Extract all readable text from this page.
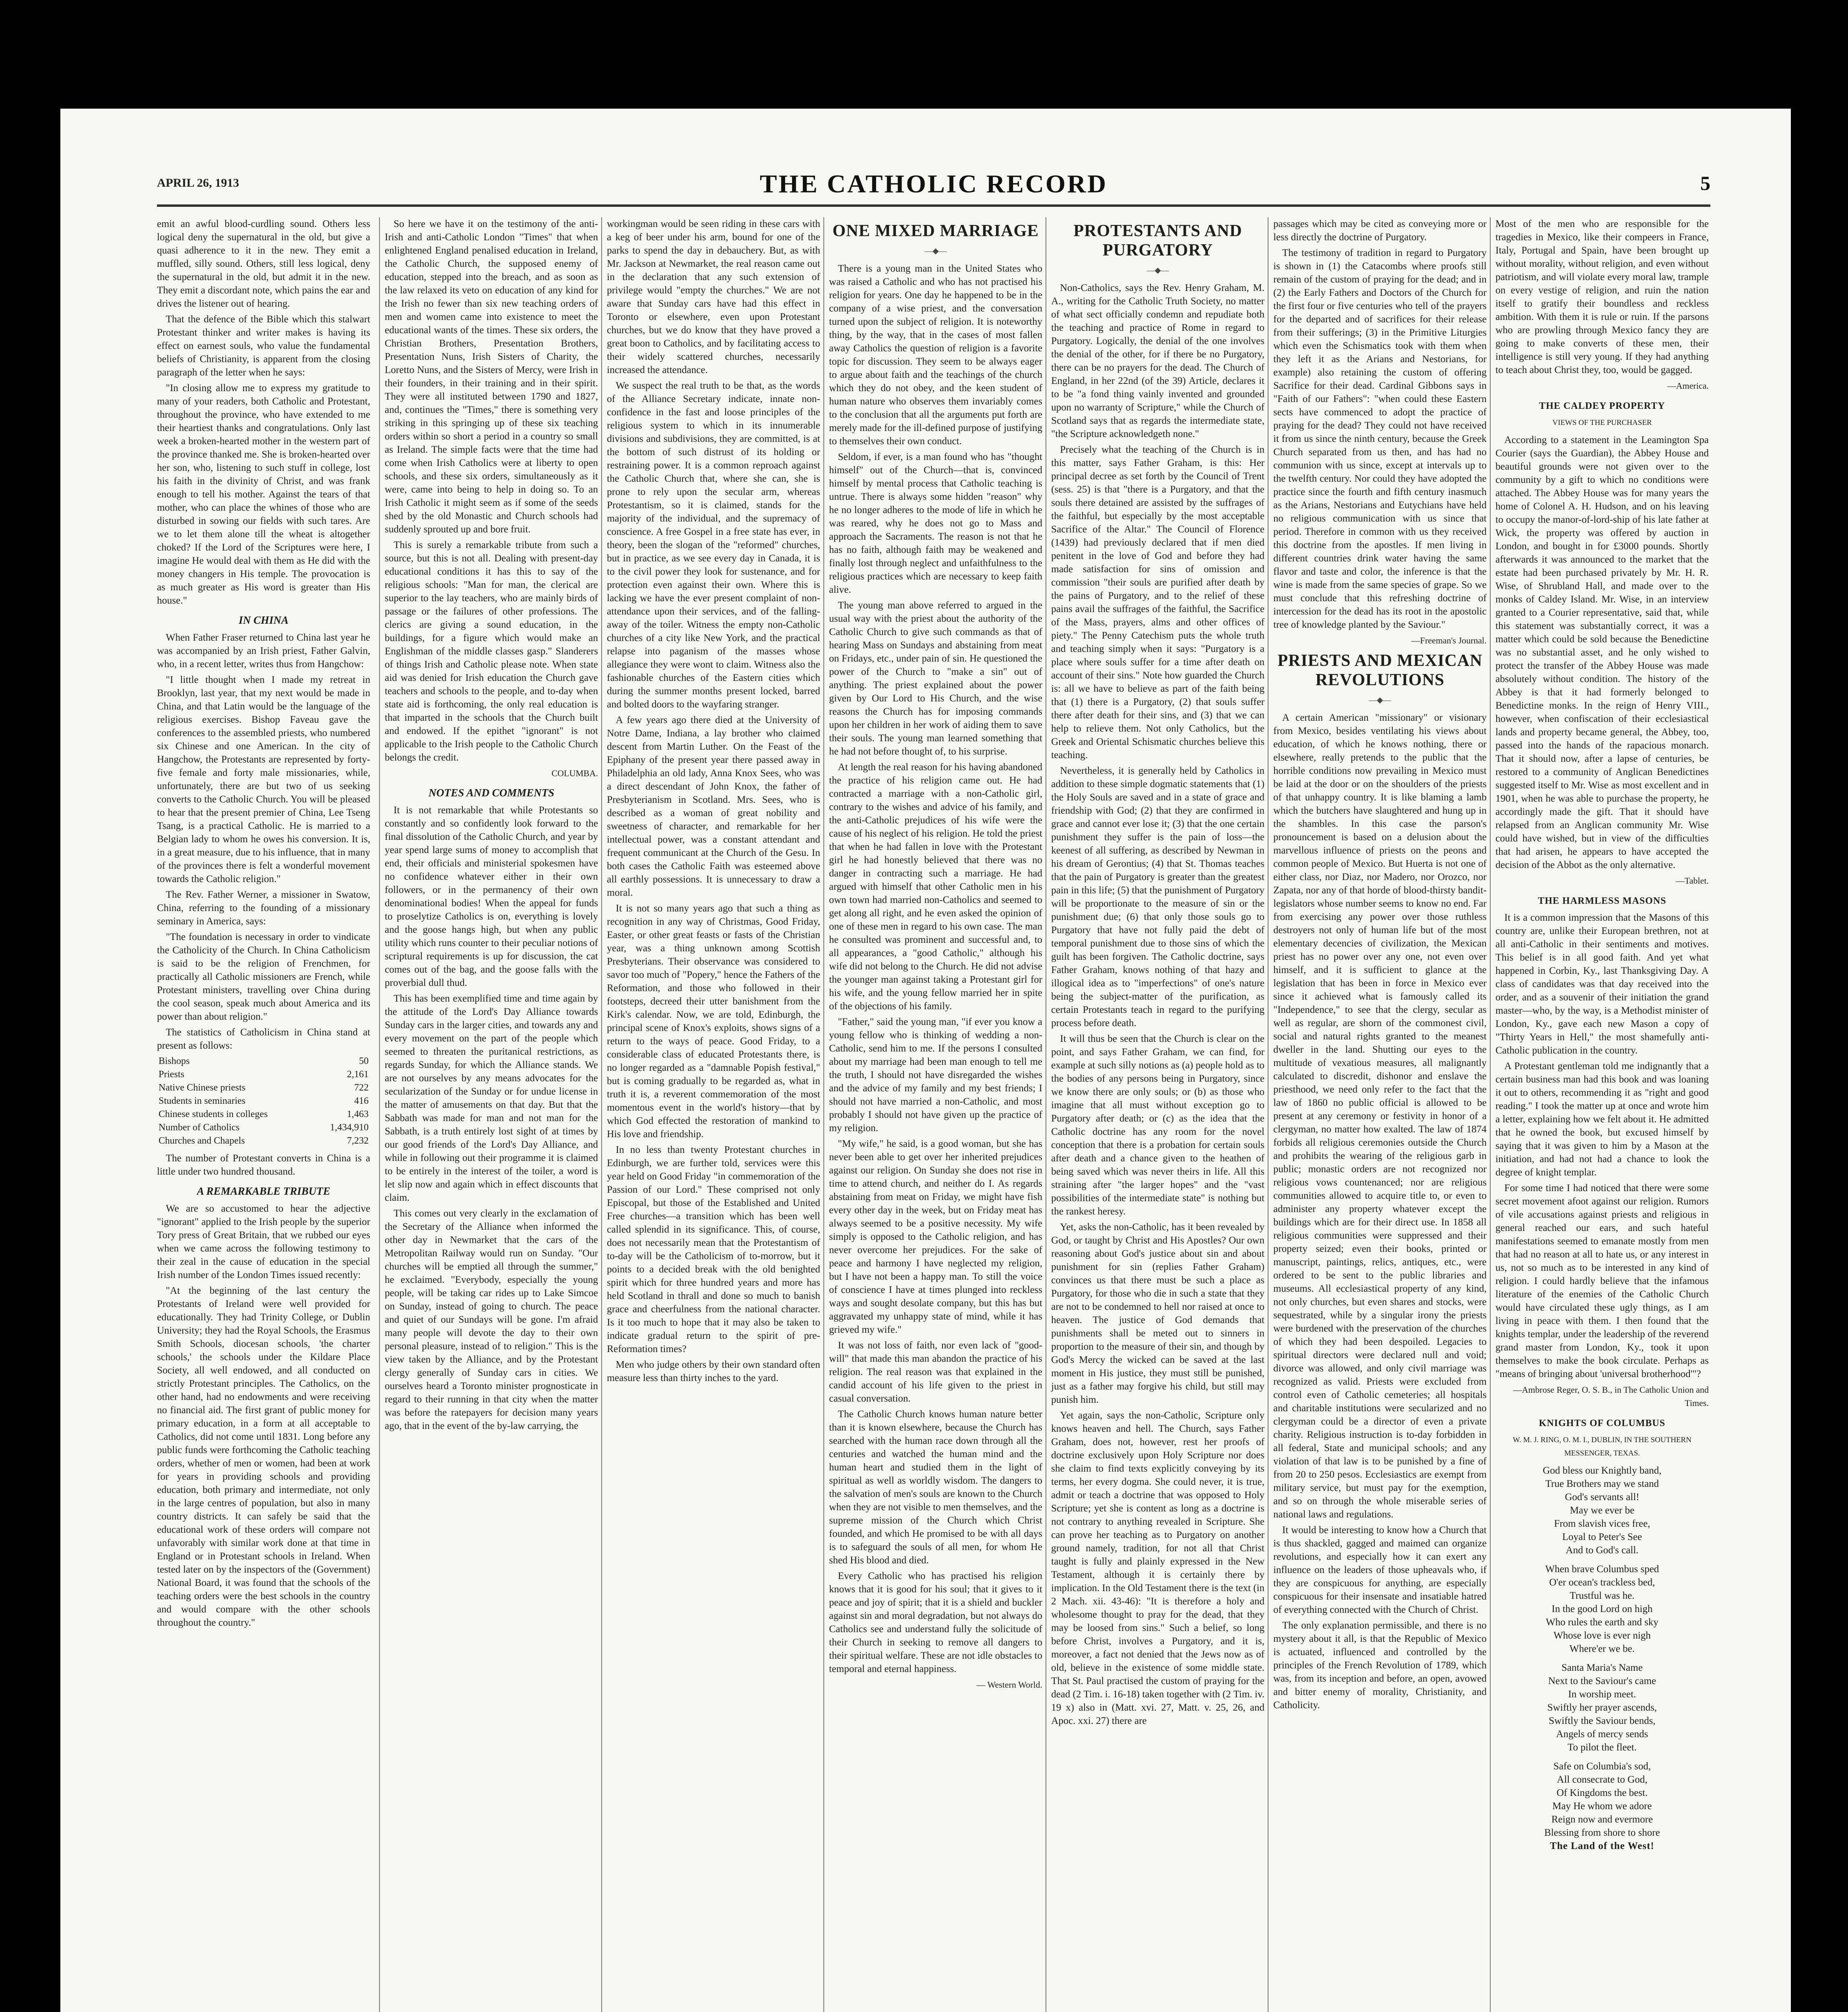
APRIL 26, 1913	THE CATHOLIC RECORD	5

emit an awful blood-curdling sound. Others less logical deny the supernatural in the old, but give a quasi adherence to it in the new. They emit a muffled, silly sound. Others, still less logical, deny the supernatural in the old, but admit it in the new. They emit a discordant note, which pains the ear and drives the listener out of hearing.

That the defence of the Bible which this stalwart Protestant thinker and writer makes is having its effect on earnest souls, who value the fundamental beliefs of Christianity, is apparent from the closing paragraph of the letter when he says:

"In closing allow me to express my gratitude to many of your readers, both Catholic and Protestant, throughout the province, who have extended to me their heartiest thanks and congratulations. Only last week a broken-hearted mother in the western part of the province thanked me. She is broken-hearted over her son, who, listening to such stuff in college, lost his faith in the divinity of Christ, and was frank enough to tell his mother. Against the tears of that mother, who can place the whines of those who are disturbed in sowing our fields with such tares. Are we to let them alone till the wheat is altogether choked? If the Lord of the Scriptures were here, I imagine He would deal with them as He did with the money changers in His temple. The provocation is as much greater as His word is greater than His house."

IN CHINA

When Father Fraser returned to China last year he was accompanied by an Irish priest, Father Galvin, who, in a recent letter, writes thus from Hangchow:

"I little thought when I made my retreat in Brooklyn, last year, that my next would be made in China, and that Latin would be the language of the religious exercises. Bishop Faveau gave the conferences to the assembled priests, who numbered six Chinese and one American. In the city of Hangchow, the Protestants are represented by forty-five female and forty male missionaries, while, unfortunately, there are but two of us seeking converts to the Catholic Church. You will be pleased to hear that the present premier of China, Lee Tseng Tsang, is a practical Catholic. He is married to a Belgian lady to whom he owes his conversion. It is, in a great measure, due to his influence, that in many of the provinces there is felt a wonderful movement towards the Catholic religion."

The Rev. Father Werner, a missioner in Swatow, China, referring to the founding of a missionary seminary in America, says:

"The foundation is necessary in order to vindicate the Catholicity of the Church. In China Catholicism is said to be the religion of Frenchmen, for practically all Catholic missioners are French, while Protestant ministers, travelling over China during the cool season, speak much about America and its power than about religion."

The statistics of Catholicism in China stand at present as follows:

Bishops	50
Priests	2,161
Native Chinese priests	722
Students in seminaries	416
Chinese students in colleges	1,463
Number of Catholics	1,434,910
Churches and Chapels	7,232

The number of Protestant converts in China is a little under two hundred thousand.

A REMARKABLE TRIBUTE

We are so accustomed to hear the adjective "ignorant" applied to the Irish people by the superior Tory press of Great Britain, that we rubbed our eyes when we came across the following testimony to their zeal in the cause of education in the special Irish number of the London Times issued recently:

"At the beginning of the last century the Protestants of Ireland were well provided for educationally. They had Trinity College, or Dublin University; they had the Royal Schools, the Erasmus Smith Schools, diocesan schools, 'the charter schools,' the schools under the Kildare Place Society, all well endowed, and all conducted on strictly Protestant principles. The Catholics, on the other hand, had no endowments and were receiving no financial aid. The first grant of public money for primary education, in a form at all acceptable to Catholics, did not come until 1831. Long before any public funds were forthcoming the Catholic teaching orders, whether of men or women, had been at work for years in providing schools and providing education, both primary and intermediate, not only in the large centres of population, but also in many country districts. It can safely be said that the educational work of these orders will compare not unfavorably with similar work done at that time in England or in Protestant schools in Ireland. When tested later on by the inspectors of the (Government) National Board, it was found that the schools of the teaching orders were the best schools in the country and would compare with the other schools throughout the country."

So here we have it on the testimony of the anti-Irish and anti-Catholic London "Times" that when enlightened England penalised education in Ireland, the Catholic Church, the supposed enemy of education, stepped into the breach, and as soon as the law relaxed its veto on education of any kind for the Irish no fewer than six new teaching orders of men and women came into existence to meet the educational wants of the times. These six orders, the Christian Brothers, Presentation Brothers, Presentation Nuns, Irish Sisters of Charity, the Loretto Nuns, and the Sisters of Mercy, were Irish in their founders, in their training and in their spirit. They were all instituted between 1790 and 1827, and, continues the "Times," there is something very striking in this springing up of these six teaching orders within so short a period in a country so small as Ireland. The simple facts were that the time had come when Irish Catholics were at liberty to open schools, and these six orders, simultaneously as it were, came into being to help in doing so. To an Irish Catholic it might seem as if some of the seeds shed by the old Monastic and Church schools had suddenly sprouted up and bore fruit.

This is surely a remarkable tribute from such a source, but this is not all. Dealing with present-day educational conditions it has this to say of the religious schools: "Man for man, the clerical are superior to the lay teachers, who are mainly birds of passage or the failures of other professions. The clerics are giving a sound education, in the buildings, for a figure which would make an Englishman of the middle classes gasp." Slanderers of things Irish and Catholic please note. When state aid was denied for Irish education the Church gave teachers and schools to the people, and to-day when state aid is forthcoming, the only real education is that imparted in the schools that the Church built and endowed. If the epithet "ignorant" is not applicable to the Irish people to the Catholic Church belongs the credit.

COLUMBA.
NOTES AND COMMENTS

It is not remarkable that while Protestants so constantly and so confidently look forward to the final dissolution of the Catholic Church, and year by year spend large sums of money to accomplish that end, their officials and ministerial spokesmen have no confidence whatever either in their own followers, or in the permanency of their own denominational bodies! When the appeal for funds to proselytize Catholics is on, everything is lovely and the goose hangs high, but when any public utility which runs counter to their peculiar notions of scriptural requirements is up for discussion, the cat comes out of the bag, and the goose falls with the proverbial dull thud.

This has been exemplified time and time again by the attitude of the Lord's Day Alliance towards Sunday cars in the larger cities, and towards any and every movement on the part of the people which seemed to threaten the puritanical restrictions, as regards Sunday, for which the Alliance stands. We are not ourselves by any means advocates for the secularization of the Sunday or for undue license in the matter of amusements on that day. But that the Sabbath was made for man and not man for the Sabbath, is a truth entirely lost sight of at times by our good friends of the Lord's Day Alliance, and while in following out their programme it is claimed to be entirely in the interest of the toiler, a word is let slip now and again which in effect discounts that claim.

This comes out very clearly in the exclamation of the Secretary of the Alliance when informed the other day in Newmarket that the cars of the Metropolitan Railway would run on Sunday. "Our churches will be emptied all through the summer," he exclaimed. "Everybody, especially the young people, will be taking car rides up to Lake Simcoe on Sunday, instead of going to church. The peace and quiet of our Sundays will be gone. I'm afraid many people will devote the day to their own personal pleasure, instead of to religion." This is the view taken by the Alliance, and by the Protestant clergy generally of Sunday cars in cities. We ourselves heard a Toronto minister prognosticate in regard to their running in that city when the matter was before the ratepayers for decision many years ago, that in the event of the by-law carrying, the

workingman would be seen riding in these cars with a keg of beer under his arm, bound for one of the parks to spend the day in debauchery. But, as with Mr. Jackson at Newmarket, the real reason came out in the declaration that any such extension of privilege would "empty the churches." We are not aware that Sunday cars have had this effect in Toronto or elsewhere, even upon Protestant churches, but we do know that they have proved a great boon to Catholics, and by facilitating access to their widely scattered churches, necessarily increased the attendance.

We suspect the real truth to be that, as the words of the Alliance Secretary indicate, innate non-confidence in the fast and loose principles of the religious system to which in its innumerable divisions and subdivisions, they are committed, is at the bottom of such distrust of its holding or restraining power. It is a common reproach against the Catholic Church that, where she can, she is prone to rely upon the secular arm, whereas Protestantism, so it is claimed, stands for the majority of the individual, and the supremacy of conscience. A free Gospel in a free state has ever, in theory, been the slogan of the "reformed" churches, but in practice, as we see every day in Canada, it is to the civil power they look for sustenance, and for protection even against their own. Where this is lacking we have the ever present complaint of non-attendance upon their services, and of the falling-away of the toiler. Witness the empty non-Catholic churches of a city like New York, and the practical relapse into paganism of the masses whose allegiance they were wont to claim. Witness also the fashionable churches of the Eastern cities which during the summer months present locked, barred and bolted doors to the wayfaring stranger.

A few years ago there died at the University of Notre Dame, Indiana, a lay brother who claimed descent from Martin Luther. On the Feast of the Epiphany of the present year there passed away in Philadelphia an old lady, Anna Knox Sees, who was a direct descendant of John Knox, the father of Presbyterianism in Scotland. Mrs. Sees, who is described as a woman of great nobility and sweetness of character, and remarkable for her intellectual power, was a constant attendant and frequent communicant at the Church of the Gesu. In both cases the Catholic Faith was esteemed above all earthly possessions. It is unnecessary to draw a moral.

It is not so many years ago that such a thing as recognition in any way of Christmas, Good Friday, Easter, or other great feasts or fasts of the Christian year, was a thing unknown among Scottish Presbyterians. Their observance was considered to savor too much of "Popery," hence the Fathers of the Reformation, and those who followed in their footsteps, decreed their utter banishment from the Kirk's calendar. Now, we are told, Edinburgh, the principal scene of Knox's exploits, shows signs of a return to the ways of peace. Good Friday, to a considerable class of educated Protestants there, is no longer regarded as a "damnable Popish festival," but is coming gradually to be regarded as, what in truth it is, a reverent commemoration of the most momentous event in the world's history—that by which God effected the restoration of mankind to His love and friendship.

In no less than twenty Protestant churches in Edinburgh, we are further told, services were this year held on Good Friday "in commemoration of the Passion of our Lord." These comprised not only Episcopal, but those of the Established and United Free churches—a transition which has been well called splendid in its significance. This, of course, does not necessarily mean that the Protestantism of to-day will be the Catholicism of to-morrow, but it points to a decided break with the old benighted spirit which for three hundred years and more has held Scotland in thrall and done so much to banish grace and cheerfulness from the national character. Is it too much to hope that it may also be taken to indicate gradual return to the spirit of pre-Reformation times?

Men who judge others by their own standard often measure less than thirty inches to the yard.

ONE MIXED MARRIAGE
—◆—

There is a young man in the United States who was raised a Catholic and who has not practised his religion for years. One day he happened to be in the company of a wise priest, and the conversation turned upon the subject of religion. It is noteworthy thing, by the way, that in the cases of most fallen away Catholics the question of religion is a favorite topic for discussion. They seem to be always eager to argue about faith and the teachings of the church which they do not obey, and the keen student of human nature who observes them invariably comes to the conclusion that all the arguments put forth are merely made for the ill-defined purpose of justifying to themselves their own conduct.

Seldom, if ever, is a man found who has "thought himself" out of the Church—that is, convinced himself by mental process that Catholic teaching is untrue. There is always some hidden "reason" why he no longer adheres to the mode of life in which he was reared, why he does not go to Mass and approach the Sacraments. The reason is not that he has no faith, although faith may be weakened and finally lost through neglect and unfaithfulness to the religious practices which are necessary to keep faith alive.

The young man above referred to argued in the usual way with the priest about the authority of the Catholic Church to give such commands as that of hearing Mass on Sundays and abstaining from meat on Fridays, etc., under pain of sin. He questioned the power of the Church to "make a sin" out of anything. The priest explained about the power given by Our Lord to His Church, and the wise reasons the Church has for imposing commands upon her children in her work of aiding them to save their souls. The young man learned something that he had not before thought of, to his surprise.

At length the real reason for his having abandoned the practice of his religion came out. He had contracted a marriage with a non-Catholic girl, contrary to the wishes and advice of his family, and the anti-Catholic prejudices of his wife were the cause of his neglect of his religion. He told the priest that when he had fallen in love with the Protestant girl he had honestly believed that there was no danger in contracting such a marriage. He had argued with himself that other Catholic men in his own town had married non-Catholics and seemed to get along all right, and he even asked the opinion of one of these men in regard to his own case. The man he consulted was prominent and successful and, to all appearances, a "good Catholic," although his wife did not belong to the Church. He did not advise the younger man against taking a Protestant girl for his wife, and the young fellow married her in spite of the objections of his family.

"Father," said the young man, "if ever you know a young fellow who is thinking of wedding a non-Catholic, send him to me. If the persons I consulted about my marriage had been man enough to tell me the truth, I should not have disregarded the wishes and the advice of my family and my best friends; I should not have married a non-Catholic, and most probably I should not have given up the practice of my religion.

"My wife," he said, is a good woman, but she has never been able to get over her inherited prejudices against our religion. On Sunday she does not rise in time to attend church, and neither do I. As regards abstaining from meat on Friday, we might have fish every other day in the week, but on Friday meat has always seemed to be a positive necessity. My wife simply is opposed to the Catholic religion, and has never overcome her prejudices. For the sake of peace and harmony I have neglected my religion, but I have not been a happy man. To still the voice of conscience I have at times plunged into reckless ways and sought desolate company, but this has but aggravated my unhappy state of mind, while it has grieved my wife."

It was not loss of faith, nor even lack of "good-will" that made this man abandon the practice of his religion. The real reason was that explained in the candid account of his life given to the priest in casual conversation.

The Catholic Church knows human nature better than it is known elsewhere, because the Church has searched with the human race down through all the centuries and watched the human mind and the human heart and studied them in the light of spiritual as well as worldly wisdom. The dangers to the salvation of men's souls are known to the Church when they are not visible to men themselves, and the supreme mission of the Church which Christ founded, and which He promised to be with all days is to safeguard the souls of all men, for whom He shed His blood and died.

Every Catholic who has practised his religion knows that it is good for his soul; that it gives to it peace and joy of spirit; that it is a shield and buckler against sin and moral degradation, but not always do Catholics see and understand fully the solicitude of their Church in seeking to remove all dangers to their spiritual welfare. These are not idle obstacles to temporal and eternal happiness.

— Western World.
PROTESTANTS AND PURGATORY
—◆—

Non-Catholics, says the Rev. Henry Graham, M. A., writing for the Catholic Truth Society, no matter of what sect officially condemn and repudiate both the teaching and practice of Rome in regard to Purgatory. Logically, the denial of the one involves the denial of the other, for if there be no Purgatory, there can be no prayers for the dead. The Church of England, in her 22nd (of the 39) Article, declares it to be "a fond thing vainly invented and grounded upon no warranty of Scripture," while the Church of Scotland says that as regards the intermediate state, "the Scripture acknowledgeth none."

Precisely what the teaching of the Church is in this matter, says Father Graham, is this: Her principal decree as set forth by the Council of Trent (sess. 25) is that "there is a Purgatory, and that the souls there detained are assisted by the suffrages of the faithful, but especially by the most acceptable Sacrifice of the Altar." The Council of Florence (1439) had previously declared that if men died penitent in the love of God and before they had made satisfaction for sins of omission and commission "their souls are purified after death by the pains of Purgatory, and to the relief of these pains avail the suffrages of the faithful, the Sacrifice of the Mass, prayers, alms and other offices of piety." The Penny Catechism puts the whole truth and teaching simply when it says: "Purgatory is a place where souls suffer for a time after death on account of their sins." Note how guarded the Church is: all we have to believe as part of the faith being that (1) there is a Purgatory, (2) that souls suffer there after death for their sins, and (3) that we can help to relieve them. Not only Catholics, but the Greek and Oriental Schismatic churches believe this teaching.

Nevertheless, it is generally held by Catholics in addition to these simple dogmatic statements that (1) the Holy Souls are saved and in a state of grace and friendship with God; (2) that they are confirmed in grace and cannot ever lose it; (3) that the one certain punishment they suffer is the pain of loss—the keenest of all suffering, as described by Newman in his dream of Gerontius; (4) that St. Thomas teaches that the pain of Purgatory is greater than the greatest pain in this life; (5) that the punishment of Purgatory will be proportionate to the measure of sin or the punishment due; (6) that only those souls go to Purgatory that have not fully paid the debt of temporal punishment due to those sins of which the guilt has been forgiven. The Catholic doctrine, says Father Graham, knows nothing of that hazy and illogical idea as to "imperfections" of one's nature being the subject-matter of the purification, as certain Protestants teach in regard to the purifying process before death.

It will thus be seen that the Church is clear on the point, and says Father Graham, we can find, for example at such silly notions as (a) people hold as to the bodies of any persons being in Purgatory, since we know there are only souls; or (b) as those who imagine that all must without exception go to Purgatory after death; or (c) as the idea that the Catholic doctrine has any room for the novel conception that there is a probation for certain souls after death and a chance given to the heathen of being saved which was never theirs in life. All this straining after "the larger hopes" and the "vast possibilities of the intermediate state" is nothing but the rankest heresy.

Yet, asks the non-Catholic, has it been revealed by God, or taught by Christ and His Apostles? Our own reasoning about God's justice about sin and about punishment for sin (replies Father Graham) convinces us that there must be such a place as Purgatory, for those who die in such a state that they are not to be condemned to hell nor raised at once to heaven. The justice of God demands that punishments shall be meted out to sinners in proportion to the measure of their sin, and though by God's Mercy the wicked can be saved at the last moment in His justice, they must still be punished, just as a father may forgive his child, but still may punish him.

Yet again, says the non-Catholic, Scripture only knows heaven and hell. The Church, says Father Graham, does not, however, rest her proofs of doctrine exclusively upon Holy Scripture nor does she claim to find texts explicitly conveying by its terms, her every dogma. She could never, it is true, admit or teach a doctrine that was opposed to Holy Scripture; yet she is content as long as a doctrine is not contrary to anything revealed in Scripture. She can prove her teaching as to Purgatory on another ground namely, tradition, for not all that Christ taught is fully and plainly expressed in the New Testament, although it is certainly there by implication. In the Old Testament there is the text (in 2 Mach. xii. 43-46): "It is therefore a holy and wholesome thought to pray for the dead, that they may be loosed from sins." Such a belief, so long before Christ, involves a Purgatory, and it is, moreover, a fact not denied that the Jews now as of old, believe in the existence of some middle state. That St. Paul practised the custom of praying for the dead (2 Tim. i. 16-18) taken together with (2 Tim. iv. 19 x) also in (Matt. xvi. 27, Matt. v. 25, 26, and Apoc. xxi. 27) there are

passages which may be cited as conveying more or less directly the doctrine of Purgatory.

The testimony of tradition in regard to Purgatory is shown in (1) the Catacombs where proofs still remain of the custom of praying for the dead; and in (2) the Early Fathers and Doctors of the Church for the first four or five centuries who tell of the prayers for the departed and of sacrifices for their release from their sufferings; (3) in the Primitive Liturgies which even the Schismatics took with them when they left it as the Arians and Nestorians, for example) also retaining the custom of offering Sacrifice for their dead. Cardinal Gibbons says in "Faith of our Fathers": "when could these Eastern sects have commenced to adopt the practice of praying for the dead? They could not have received it from us since the ninth century, because the Greek Church separated from us then, and has had no communion with us since, except at intervals up to the twelfth century. Nor could they have adopted the practice since the fourth and fifth century inasmuch as the Arians, Nestorians and Eutychians have held no religious communication with us since that period. Therefore in common with us they received this doctrine from the apostles. If men living in different countries drink water having the same flavor and taste and color, the inference is that the wine is made from the same species of grape. So we must conclude that this refreshing doctrine of intercession for the dead has its root in the apostolic tree of knowledge planted by the Saviour."

—Freeman's Journal.
PRIESTS AND MEXICAN REVOLUTIONS
—◆—

A certain American "missionary" or visionary from Mexico, besides ventilating his views about education, of which he knows nothing, there or elsewhere, really pretends to the public that the horrible conditions now prevailing in Mexico must be laid at the door or on the shoulders of the priests of that unhappy country. It is like blaming a lamb which the butchers have slaughtered and hung up in the shambles. In this case the parson's pronouncement is based on a delusion about the marvellous influence of priests on the peons and common people of Mexico. But Huerta is not one of either class, nor Diaz, nor Madero, nor Orozco, nor Zapata, nor any of that horde of blood-thirsty bandit-legislators whose number seems to know no end. Far from exercising any power over those ruthless destroyers not only of human life but of the most elementary decencies of civilization, the Mexican priest has no power over any one, not even over himself, and it is sufficient to glance at the legislation that has been in force in Mexico ever since it achieved what is famously called its "Independence," to see that the clergy, secular as well as regular, are shorn of the commonest civil, social and natural rights granted to the meanest dweller in the land. Shutting our eyes to the multitude of vexatious measures, all malignantly calculated to discredit, dishonor and enslave the priesthood, we need only refer to the fact that the law of 1860 no public official is allowed to be present at any ceremony or festivity in honor of a clergyman, no matter how exalted. The law of 1874 forbids all religious ceremonies outside the Church and prohibits the wearing of the religious garb in public; monastic orders are not recognized nor religious vows countenanced; nor are religious communities allowed to acquire title to, or even to administer any property whatever except the buildings which are for their direct use. In 1858 all religious communities were suppressed and their property seized; even their books, printed or manuscript, paintings, relics, antiques, etc., were ordered to be sent to the public libraries and museums. All ecclesiastical property of any kind, not only churches, but even shares and stocks, were sequestrated, while by a singular irony the priests were burdened with the preservation of the churches of which they had been despoiled. Legacies to spiritual directors were declared null and void; divorce was allowed, and only civil marriage was recognized as valid. Priests were excluded from control even of Catholic cemeteries; all hospitals and charitable institutions were secularized and no clergyman could be a director of even a private charity. Religious instruction is to-day forbidden in all federal, State and municipal schools; and any violation of that law is to be punished by a fine of from 20 to 250 pesos. Ecclesiastics are exempt from military service, but must pay for the exemption, and so on through the whole miserable series of national laws and regulations.

It would be interesting to know how a Church that is thus shackled, gagged and maimed can organize revolutions, and especially how it can exert any influence on the leaders of those upheavals who, if they are conspicuous for anything, are especially conspicuous for their insensate and insatiable hatred of everything connected with the Church of Christ.

The only explanation permissible, and there is no mystery about it all, is that the Republic of Mexico is actuated, influenced and controlled by the principles of the French Revolution of 1789, which was, from its inception and before, an open, avowed and bitter enemy of morality, Christianity, and Catholicity.

Most of the men who are responsible for the tragedies in Mexico, like their compeers in France, Italy, Portugal and Spain, have been brought up without morality, without religion, and even without patriotism, and will violate every moral law, trample on every vestige of religion, and ruin the nation itself to gratify their boundless and reckless ambition. With them it is rule or ruin. If the parsons who are prowling through Mexico fancy they are going to make converts of these men, their intelligence is still very young. If they had anything to teach about Christ they, too, would be gagged.

—America.
THE CALDEY PROPERTY
VIEWS OF THE PURCHASER

According to a statement in the Leamington Spa Courier (says the Guardian), the Abbey House and beautiful grounds were not given over to the community by a gift to which no conditions were attached. The Abbey House was for many years the home of Colonel A. H. Hudson, and on his leaving to occupy the manor-of-lord-ship of his late father at Wick, the property was offered by auction in London, and bought in for £3000 pounds. Shortly afterwards it was announced to the market that the estate had been purchased privately by Mr. H. R. Wise, of Shrubland Hall, and made over to the monks of Caldey Island. Mr. Wise, in an interview granted to a Courier representative, said that, while this statement was substantially correct, it was a matter which could be sold because the Benedictine was no substantial asset, and he only wished to protect the transfer of the Abbey House was made absolutely without condition. The history of the Abbey is that it had formerly belonged to Benedictine monks. In the reign of Henry VIII., however, when confiscation of their ecclesiastical lands and property became general, the Abbey, too, passed into the hands of the rapacious monarch. That it should now, after a lapse of centuries, be restored to a community of Anglican Benedictines suggested itself to Mr. Wise as most excellent and in 1901, when he was able to purchase the property, he accordingly made the gift. That it should have relapsed from an Anglican community Mr. Wise could have wished, but in view of the difficulties that had arisen, he appears to have accepted the decision of the Abbot as the only alternative.

—Tablet.
THE HARMLESS MASONS

It is a common impression that the Masons of this country are, unlike their European brethren, not at all anti-Catholic in their sentiments and motives. This belief is in all good faith. And yet what happened in Corbin, Ky., last Thanksgiving Day. A class of candidates was that day received into the order, and as a souvenir of their initiation the grand master—who, by the way, is a Methodist minister of London, Ky., gave each new Mason a copy of "Thirty Years in Hell," the most shamefully anti-Catholic publication in the country.

A Protestant gentleman told me indignantly that a certain business man had this book and was loaning it out to others, recommending it as "right and good reading." I took the matter up at once and wrote him a letter, explaining how we felt about it. He admitted that he owned the book, but excused himself by saying that it was given to him by a Mason at the initiation, and had not had a chance to look the degree of knight templar.

For some time I had noticed that there were some secret movement afoot against our religion. Rumors of vile accusations against priests and religious in general reached our ears, and such hateful manifestations seemed to emanate mostly from men that had no reason at all to hate us, or any interest in us, not so much as to be interested in any kind of religion. I could hardly believe that the infamous literature of the enemies of the Catholic Church would have circulated these ugly things, as I am living in peace with them. I then found that the knights templar, under the leadership of the reverend grand master from London, Ky., took it upon themselves to make the book circulate. Perhaps as "means of bringing about 'universal brotherhood'"?

—Ambrose Reger, O. S. B., in The Catholic Union and Times.
KNIGHTS OF COLUMBUS
W. M. J. RING, O. M. I., DUBLIN, IN THE SOUTHERN MESSENGER, TEXAS.
God bless our Knightly band,
True Brothers may we stand
God's servants all!
May we ever be
From slavish vices free,
Loyal to Peter's See
And to God's call.
When brave Columbus sped
O'er ocean's trackless bed,
Trustful was he.
In the good Lord on high
Who rules the earth and sky
Whose love is ever nigh
Where'er we be.
Santa Maria's Name
Next to the Saviour's came
In worship meet.
Swiftly her prayer ascends,
Swiftly the Saviour bends,
Angels of mercy sends
To pilot the fleet.
Safe on Columbia's sod,
All consecrate to God,
Of Kingdoms the best.
May He whom we adore
Reign now and evermore
Blessing from shore to shore
The Land of the West!
